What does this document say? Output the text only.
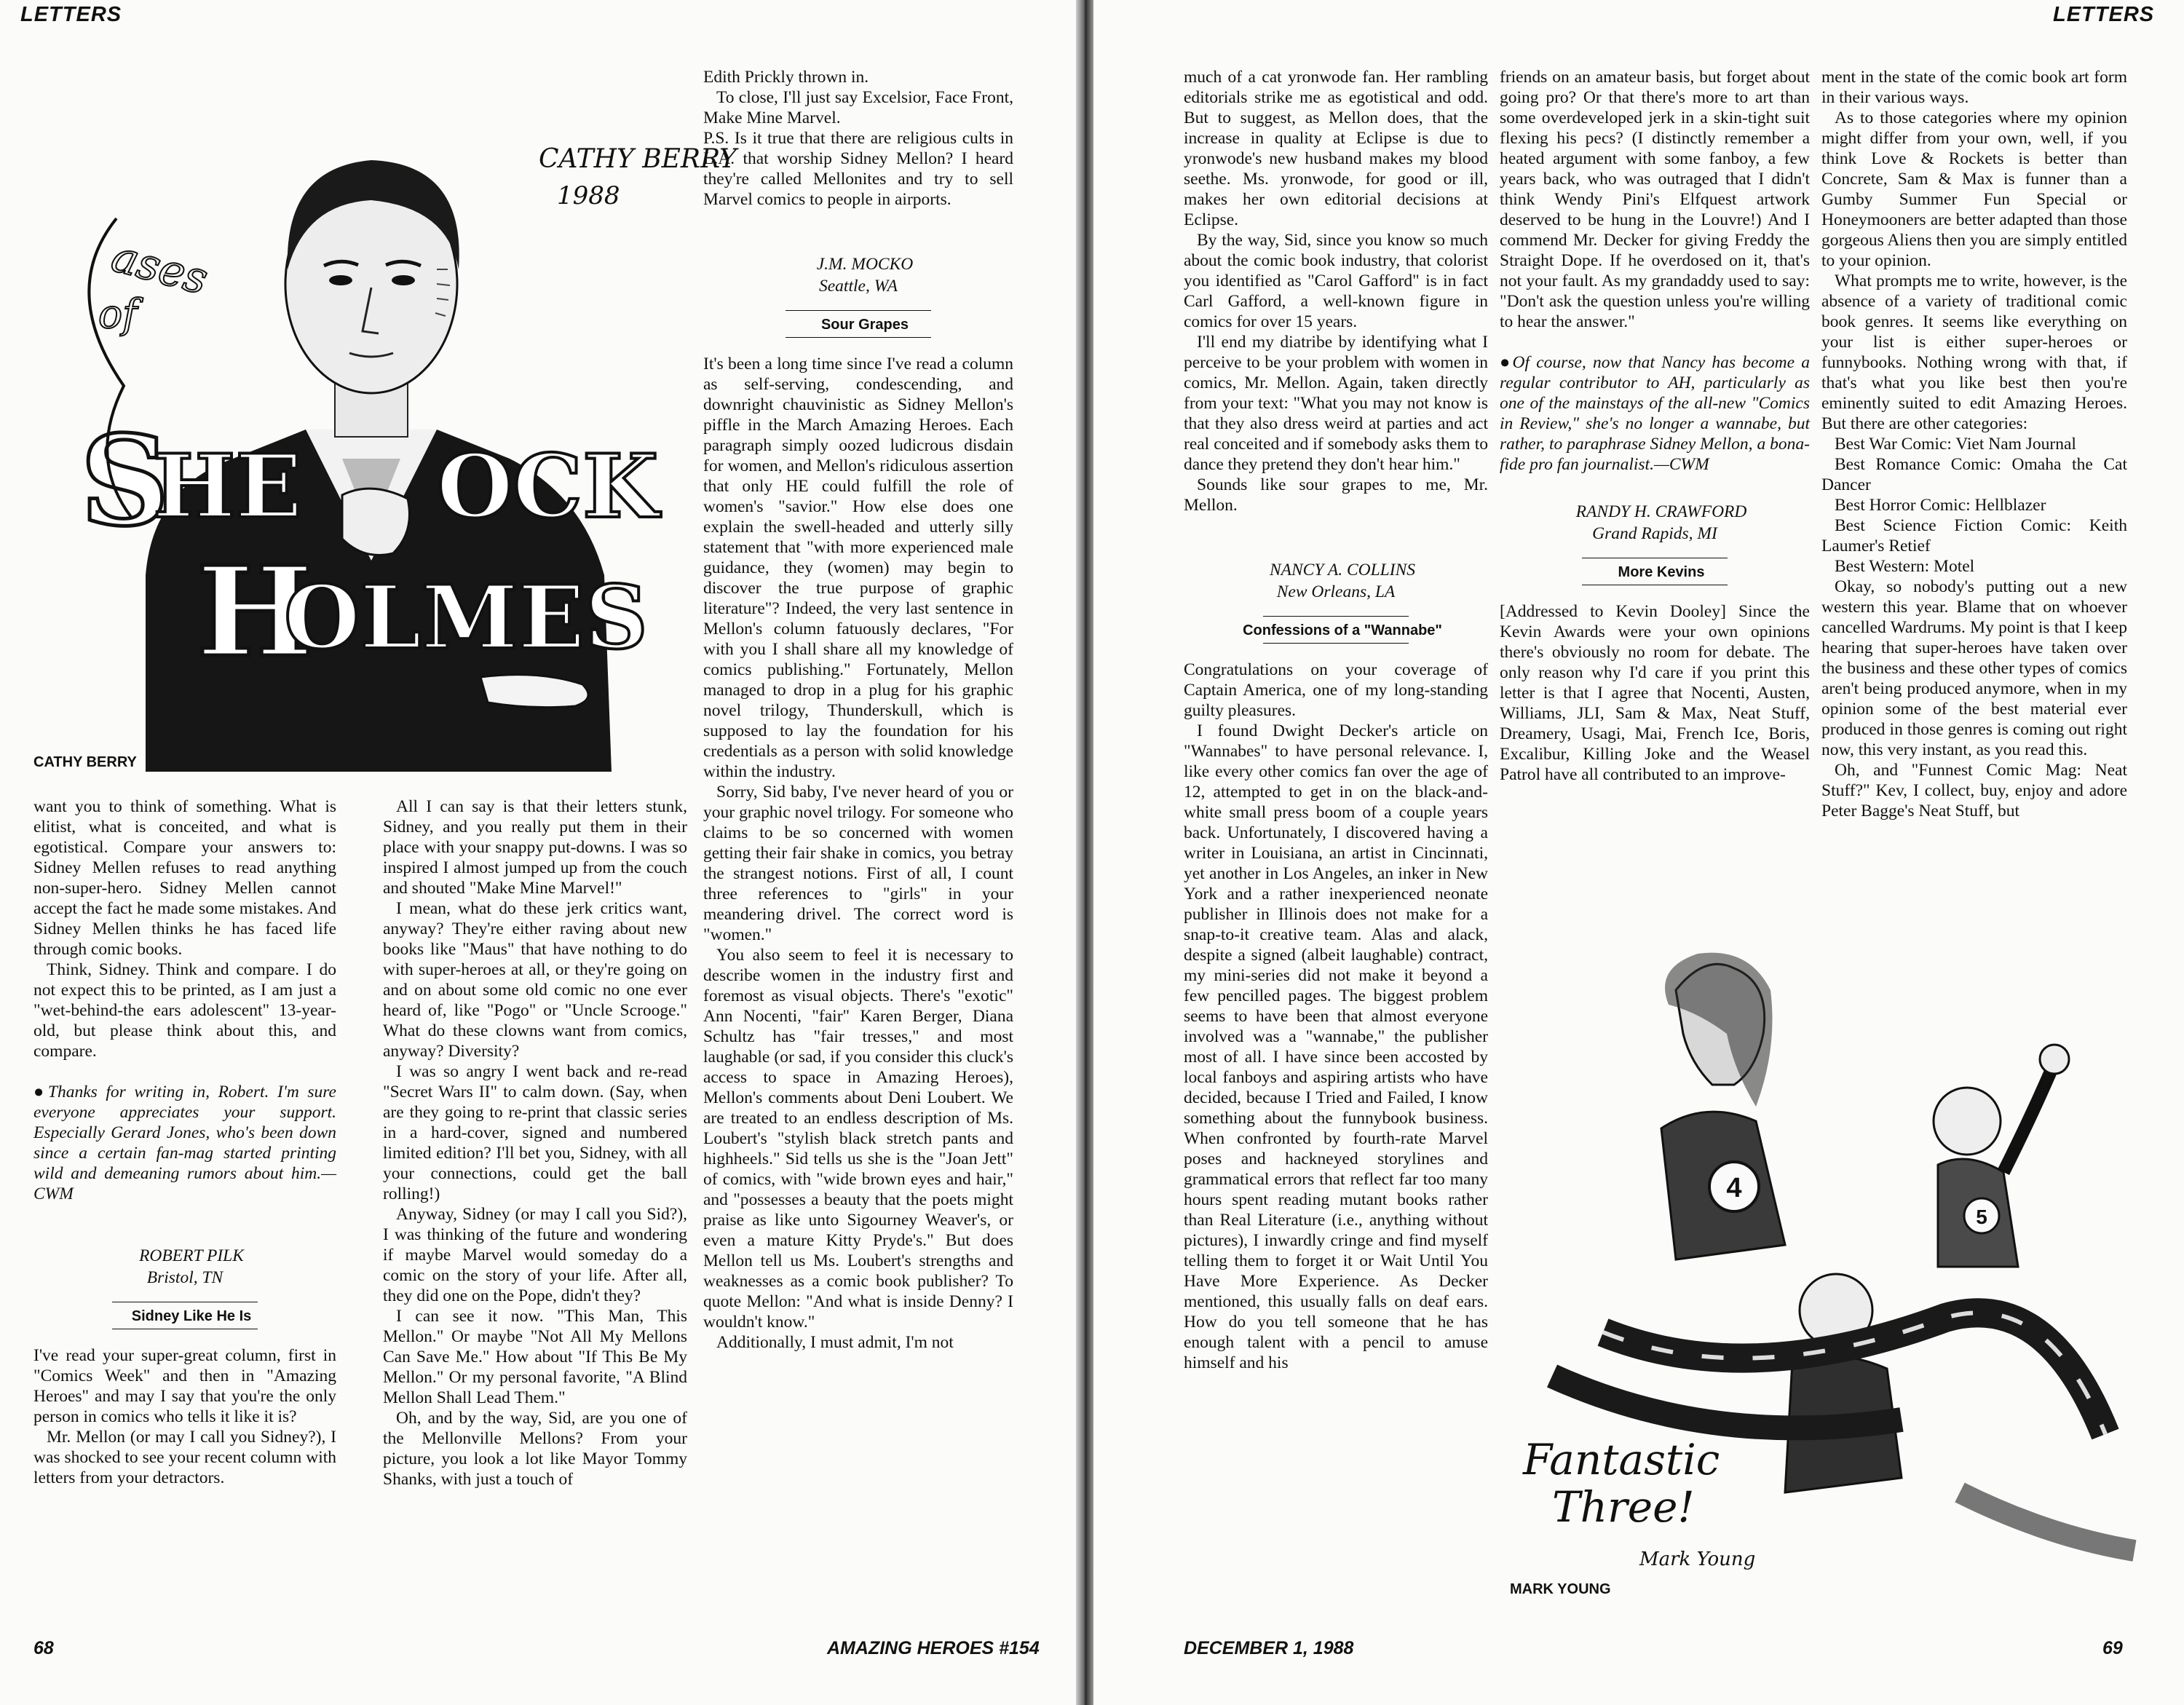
LETTERS
S
HE OCK
H
OLMES
ases
of
CATHY BERRY
1988
CATHY BERRY

want you to think of something. What is elitist, what is conceited, and what is egotistical. Compare your answers to: Sidney Mellen refuses to read anything non-super-hero. Sidney Mellen cannot accept the fact he made some mistakes. And Sidney Mellen thinks he has faced life through comic books.

Think, Sidney. Think and compare. I do not expect this to be printed, as I am just a "wet-behind-the ears adolescent" 13-year-old, but please think about this, and compare.

●Thanks for writing in, Robert. I'm sure everyone appreciates your support. Especially Gerard Jones, who's been down since a certain fan-mag started printing wild and demeaning rumors about him.—CWM

ROBERT PILK
Bristol, TN

Sidney Like He Is

I've read your super-great column, first in "Comics Week" and then in "Amazing Heroes" and may I say that you're the only person in comics who tells it like it is?

Mr. Mellon (or may I call you Sidney?), I was shocked to see your recent column with letters from your detractors.

All I can say is that their letters stunk, Sidney, and you really put them in their place with your snappy put-downs. I was so inspired I almost jumped up from the couch and shouted "Make Mine Marvel!"

I mean, what do these jerk critics want, anyway? They're either raving about new books like "Maus" that have nothing to do with super-heroes at all, or they're going on and on about some old comic no one ever heard of, like "Pogo" or "Uncle Scrooge." What do these clowns want from comics, anyway? Diversity?

I was so angry I went back and re-read "Secret Wars II" to calm down. (Say, when are they going to re-print that classic series in a hard-cover, signed and numbered limited edition? I'll bet you, Sidney, with all your connections, could get the ball rolling!)

Anyway, Sidney (or may I call you Sid?), I was thinking of the future and wondering if maybe Marvel would someday do a comic on the story of your life. After all, they did one on the Pope, didn't they?

I can see it now. "This Man, This Mellon." Or maybe "Not All My Mellons Can Save Me." How about "If This Be My Mellon." Or my personal favorite, "A Blind Mellon Shall Lead Them."

Oh, and by the way, Sid, are you one of the Mellonville Mellons? From your picture, you look a lot like Mayor Tommy Shanks, with just a touch of

Edith Prickly thrown in.

To close, I'll just say Excelsior, Face Front, Make Mine Marvel.

P.S. Is it true that there are religious cults in L.A. that worship Sidney Mellon? I heard they're called Mellonites and try to sell Marvel comics to people in airports.

J.M. MOCKO
Seattle, WA

Sour Grapes

It's been a long time since I've read a column as self-serving, condescending, and downright chauvinistic as Sidney Mellon's piffle in the March Amazing Heroes. Each paragraph simply oozed ludicrous disdain for women, and Mellon's ridiculous assertion that only HE could fulfill the role of women's "savior." How else does one explain the swell-headed and utterly silly statement that "with more experienced male guidance, they (women) may begin to discover the true purpose of graphic literature"? Indeed, the very last sentence in Mellon's column fatuously declares, "For with you I shall share all my knowledge of comics publishing." Fortunately, Mellon managed to drop in a plug for his graphic novel trilogy, Thunderskull, which is supposed to lay the foundation for his credentials as a person with solid knowledge within the industry.

Sorry, Sid baby, I've never heard of you or your graphic novel trilogy. For someone who claims to be so concerned with women getting their fair shake in comics, you betray the strangest notions. First of all, I count three references to "girls" in your meandering drivel. The correct word is "women."

You also seem to feel it is necessary to describe women in the industry first and foremost as visual objects. There's "exotic" Ann Nocenti, "fair" Karen Berger, Diana Schultz has "fair tresses," and most laughable (or sad, if you consider this cluck's access to space in Amazing Heroes), Mellon's comments about Deni Loubert. We are treated to an endless description of Ms. Loubert's "stylish black stretch pants and highheels." Sid tells us she is the "Joan Jett" of comics, with "wide brown eyes and hair," and "possesses a beauty that the poets might praise as like unto Sigourney Weaver's, or even a mature Kitty Pryde's." But does Mellon tell us Ms. Loubert's strengths and weaknesses as a comic book publisher? To quote Mellon: "And what is inside Denny? I wouldn't know."

Additionally, I must admit, I'm not

68	AMAZING HEROES #154
LETTERS

much of a cat yronwode fan. Her rambling editorials strike me as egotistical and odd. But to suggest, as Mellon does, that the increase in quality at Eclipse is due to yronwode's new husband makes my blood seethe. Ms. yronwode, for good or ill, makes her own editorial decisions at Eclipse.

By the way, Sid, since you know so much about the comic book industry, that colorist you identified as "Carol Gafford" is in fact Carl Gafford, a well-known figure in comics for over 15 years.

I'll end my diatribe by identifying what I perceive to be your problem with women in comics, Mr. Mellon. Again, taken directly from your text: "What you may not know is that they also dress weird at parties and act real conceited and if somebody asks them to dance they pretend they don't hear him."

Sounds like sour grapes to me, Mr. Mellon.

NANCY A. COLLINS
New Orleans, LA

Confessions of a "Wannabe"

Congratulations on your coverage of Captain America, one of my long-standing guilty pleasures.

I found Dwight Decker's article on "Wannabes" to have personal relevance. I, like every other comics fan over the age of 12, attempted to get in on the black-and-white small press boom of a couple years back. Unfortunately, I discovered having a writer in Louisiana, an artist in Cincinnati, yet another in Los Angeles, an inker in New York and a rather inexperienced neonate publisher in Illinois does not make for a snap-to-it creative team. Alas and alack, despite a signed (albeit laughable) contract, my mini-series did not make it beyond a few pencilled pages. The biggest problem seems to have been that almost everyone involved was a "wannabe," the publisher most of all. I have since been accosted by local fanboys and aspiring artists who have decided, because I Tried and Failed, I know something about the funnybook business. When confronted by fourth-rate Marvel poses and hackneyed storylines and grammatical errors that reflect far too many hours spent reading mutant books rather than Real Literature (i.e., anything without pictures), I inwardly cringe and find myself telling them to forget it or Wait Until You Have More Experience. As Decker mentioned, this usually falls on deaf ears. How do you tell someone that he has enough talent with a pencil to amuse himself and his

friends on an amateur basis, but forget about going pro? Or that there's more to art than some overdeveloped jerk in a skin-tight suit flexing his pecs? (I distinctly remember a heated argument with some fanboy, a few years back, who was outraged that I didn't think Wendy Pini's Elfquest artwork deserved to be hung in the Louvre!) And I commend Mr. Decker for giving Freddy the Straight Dope. If he overdosed on it, that's not your fault. As my grandaddy used to say: "Don't ask the question unless you're willing to hear the answer."

●Of course, now that Nancy has become a regular contributor to AH, particularly as one of the mainstays of the all-new "Comics in Review," she's no longer a wannabe, but rather, to paraphrase Sidney Mellon, a bona-fide pro fan journalist.—CWM

RANDY H. CRAWFORD
Grand Rapids, MI

More Kevins

[Addressed to Kevin Dooley] Since the Kevin Awards were your own opinions there's obviously no room for debate. The only reason why I'd care if you print this letter is that I agree that Nocenti, Austen, Williams, JLI, Sam & Max, Neat Stuff, Dreamery, Usagi, Mai, French Ice, Boris, Excalibur, Killing Joke and the Weasel Patrol have all contributed to an improve-

ment in the state of the comic book art form in their various ways.

As to those categories where my opinion might differ from your own, well, if you think Love & Rockets is better than Concrete, Sam & Max is funner than a Gumby Summer Fun Special or Honeymooners are better adapted than those gorgeous Aliens then you are simply entitled to your opinion.

What prompts me to write, however, is the absence of a variety of traditional comic book genres. It seems like everything on your list is either super-heroes or funnybooks. Nothing wrong with that, if that's what you like best then you're eminently suited to edit Amazing Heroes. But there are other categories:

Best War Comic: Viet Nam Journal

Best Romance Comic: Omaha the Cat Dancer

Best Horror Comic: Hellblazer

Best Science Fiction Comic: Keith Laumer's Retief

Best Western: Motel

Okay, so nobody's putting out a new western this year. Blame that on whoever cancelled Wardrums. My point is that I keep hearing that super-heroes have taken over the business and these other types of comics aren't being produced anymore, when in my opinion some of the best material ever produced in those genres is coming out right now, this very instant, as you read this.

Oh, and "Funnest Comic Mag: Neat Stuff?" Kev, I collect, buy, enjoy and adore Peter Bagge's Neat Stuff, but

4
5
Fantastic
Three!
Mark Young
MARK YOUNG
DECEMBER 1, 1988	69
